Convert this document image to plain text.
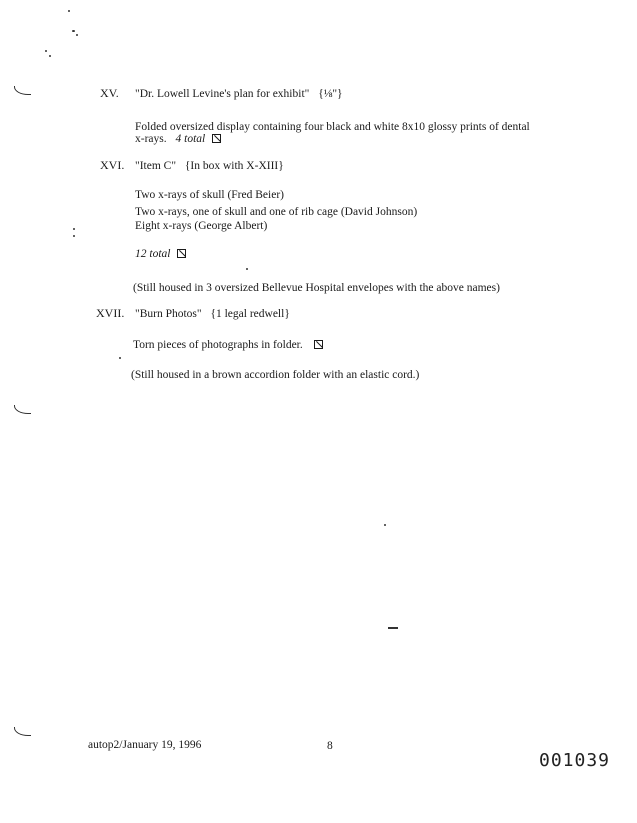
XV. "Dr. Lowell Levine's plan for exhibit" {⅛"}
Folded oversized display containing four black and white 8x10 glossy prints of dental
x-rays. 4 total
XVI. "Item C" {In box with X-XIII}
Two x-rays of skull (Fred Beier)
Two x-rays, one of skull and one of rib cage (David Johnson)
Eight x-rays (George Albert)
12 total
(Still housed in 3 oversized Bellevue Hospital envelopes with the above names)
XVII. "Burn Photos" {1 legal redwell}
Torn pieces of photographs in folder.
(Still housed in a brown accordion folder with an elastic cord.)
autop2/January 19, 1996	8
001039
